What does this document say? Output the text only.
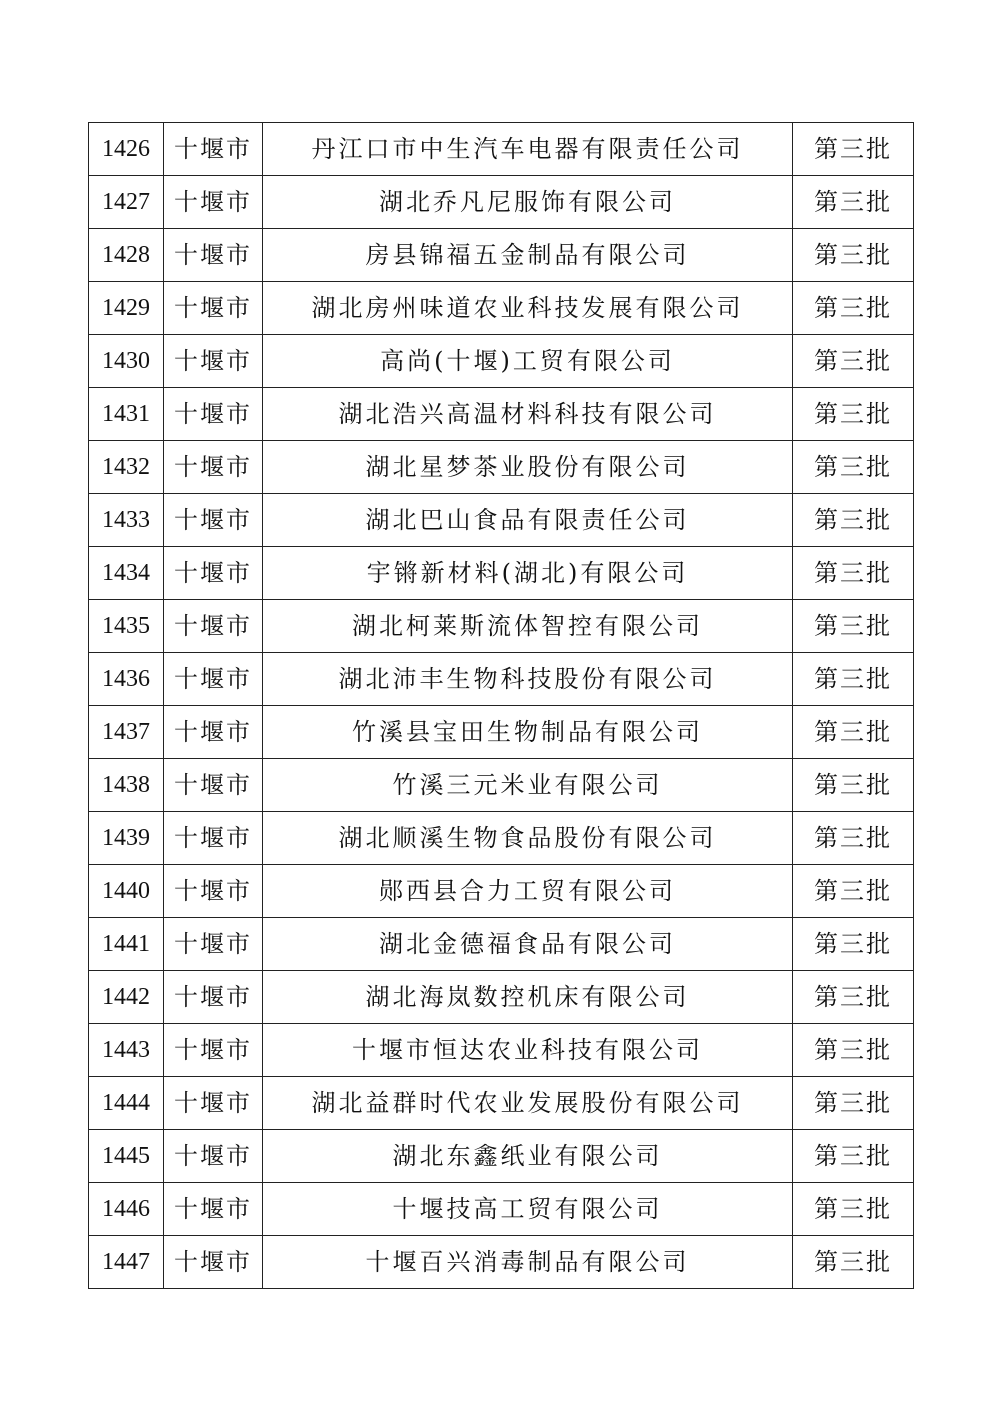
1426	十堰市	丹江口市中生汽车电器有限责任公司	第三批
1427	十堰市	湖北乔凡尼服饰有限公司	第三批
1428	十堰市	房县锦福五金制品有限公司	第三批
1429	十堰市	湖北房州味道农业科技发展有限公司	第三批
1430	十堰市	高尚(十堰)工贸有限公司	第三批
1431	十堰市	湖北浩兴高温材料科技有限公司	第三批
1432	十堰市	湖北星梦茶业股份有限公司	第三批
1433	十堰市	湖北巴山食品有限责任公司	第三批
1434	十堰市	宇锵新材料(湖北)有限公司	第三批
1435	十堰市	湖北柯莱斯流体智控有限公司	第三批
1436	十堰市	湖北沛丰生物科技股份有限公司	第三批
1437	十堰市	竹溪县宝田生物制品有限公司	第三批
1438	十堰市	竹溪三元米业有限公司	第三批
1439	十堰市	湖北顺溪生物食品股份有限公司	第三批
1440	十堰市	郧西县合力工贸有限公司	第三批
1441	十堰市	湖北金德福食品有限公司	第三批
1442	十堰市	湖北海岚数控机床有限公司	第三批
1443	十堰市	十堰市恒达农业科技有限公司	第三批
1444	十堰市	湖北益群时代农业发展股份有限公司	第三批
1445	十堰市	湖北东鑫纸业有限公司	第三批
1446	十堰市	十堰技高工贸有限公司	第三批
1447	十堰市	十堰百兴消毒制品有限公司	第三批
